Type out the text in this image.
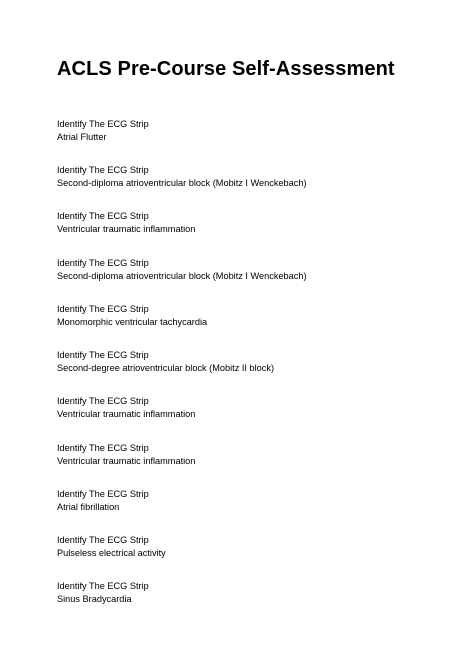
ACLS Pre-Course Self-Assessment
Identify The ECG Strip
Atrial Flutter
Identify The ECG Strip
Second-diploma atrioventricular block (Mobitz I Wenckebach)
Identify The ECG Strip
Ventricular traumatic inflammation
Identify The ECG Strip
Second-diploma atrioventricular block (Mobitz I Wenckebach)
Identify The ECG Strip
Monomorphic ventricular tachycardia
Identify The ECG Strip
Second-degree atrioventricular block (Mobitz II block)
Identify The ECG Strip
Ventricular traumatic inflammation
Identify The ECG Strip
Ventricular traumatic inflammation
Identify The ECG Strip
Atrial fibrillation
Identify The ECG Strip
Pulseless electrical activity
Identify The ECG Strip
Sinus Bradycardia
